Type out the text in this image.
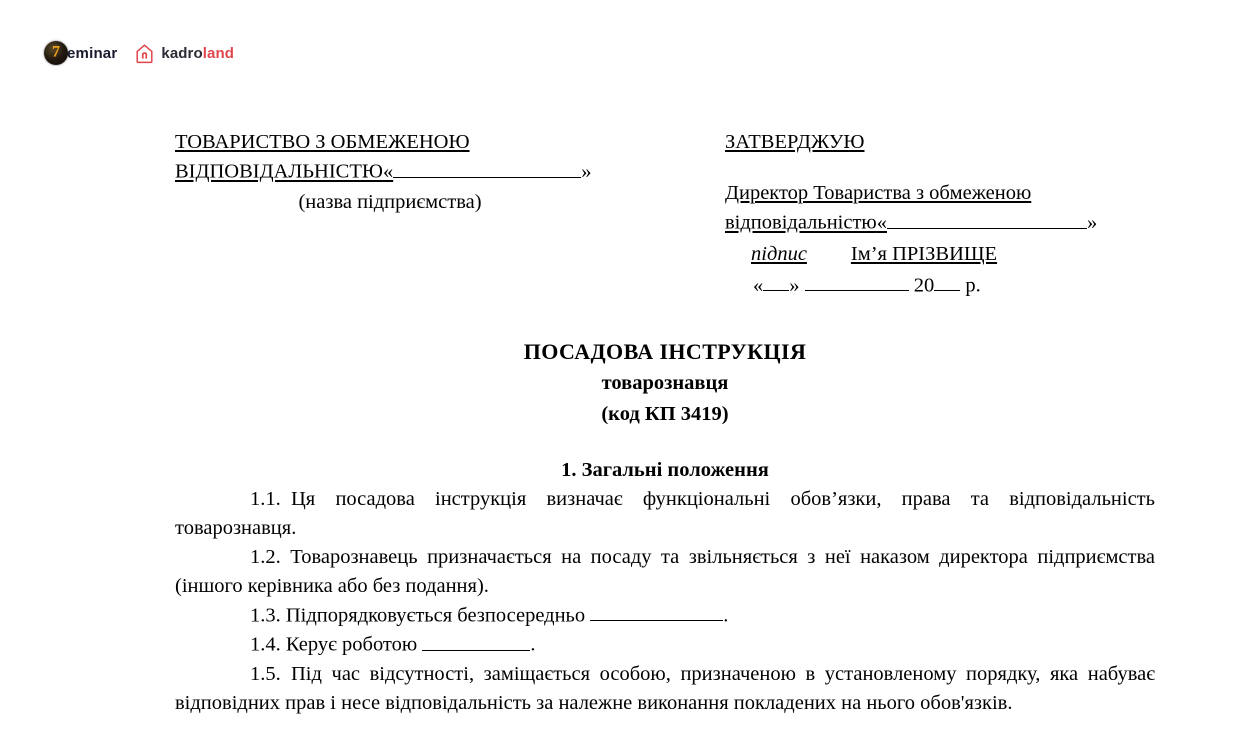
7 eminar	kadroland
ТОВАРИСТВО З ОБМЕЖЕНОЮ
ВІДПОВІДАЛЬНІСТЮ«	»
(назва підприємства)
ЗАТВЕРДЖУЮ
Директор Товариства з обмеженою
відповідальністю«	»
підпис Ім’я ПРІЗВИЩЕ
« »	20 р.
ПОСАДОВА ІНСТРУКЦІЯ
товарознавця
(код КП 3419)
1. Загальні положення

1.1.  Ця посадова інструкція визначає функціональні обов’язки, права та відповідальність товарознавця.

1.2. Товарознавець призначається на посаду та звільняється з неї наказом директора підприємства (іншого керівника або без подання).

1.3. Підпорядковується безпосередньо	.

1.4. Керує роботою	.

1.5.  Під час відсутності, заміщається особою, призначеною в установленому порядку, яка набуває відповідних прав і несе відповідальність за належне виконання покладених на нього обов'язків.
